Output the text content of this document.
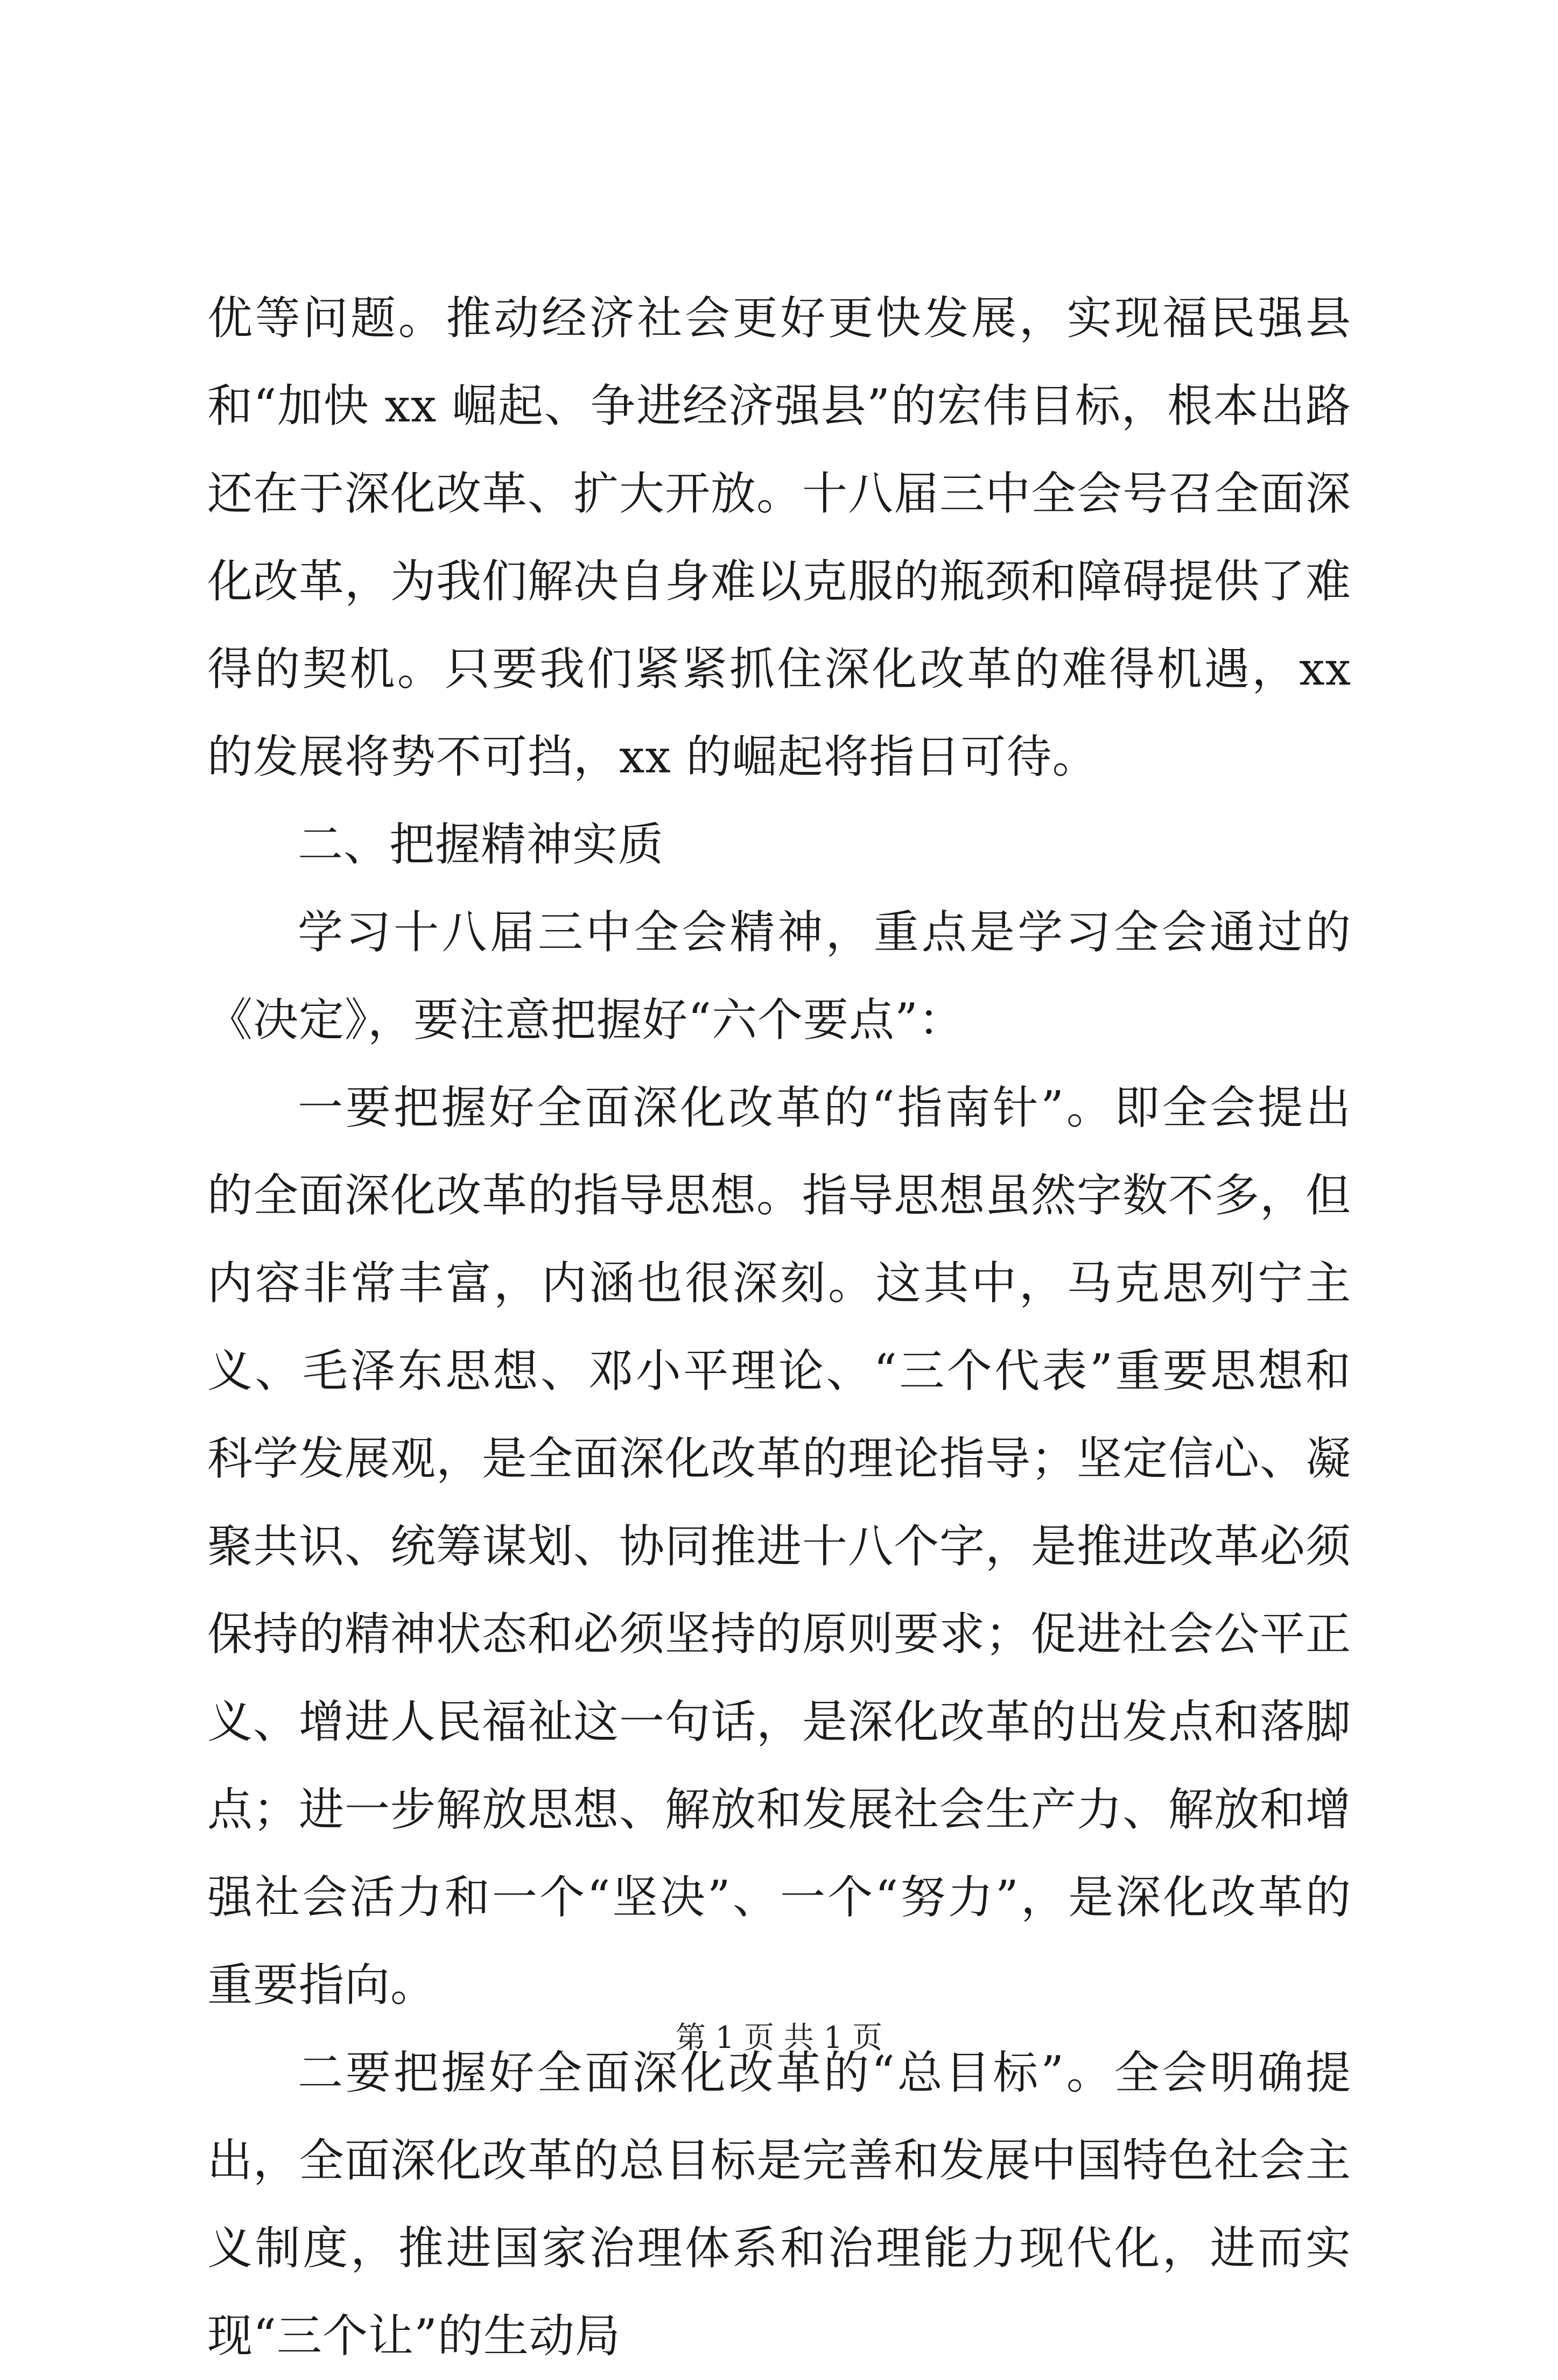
优等问题。推动经济社会更好更快发展，实现福民强县和“加快 xx 崛起、争进经济强县”的宏伟目标，根本出路还在于深化改革、扩大开放。十八届三中全会号召全面深化改革，为我们解决自身难以克服的瓶颈和障碍提供了难得的契机。只要我们紧紧抓住深化改革的难得机遇，xx 的发展将势不可挡，xx 的崛起将指日可待。

二、把握精神实质

学习十八届三中全会精神，重点是学习全会通过的《决定》，要注意把握好“六个要点”：

一要把握好全面深化改革的“指南针”。即全会提出的全面深化改革的指导思想。指导思想虽然字数不多，但内容非常丰富，内涵也很深刻。这其中，马克思列宁主义、毛泽东思想、邓小平理论、“三个代表”重要思想和科学发展观，是全面深化改革的理论指导；坚定信心、凝聚共识、统筹谋划、协同推进十八个字，是推进改革必须保持的精神状态和必须坚持的原则要求；促进社会公平正义、增进人民福祉这一句话，是深化改革的出发点和落脚点；进一步解放思想、解放和发展社会生产力、解放和增强社会活力和一个“坚决”、一个“努力”，是深化改革的重要指向。

二要把握好全面深化改革的“总目标”。全会明确提出，全面深化改革的总目标是完善和发展中国特色社会主义制度，推进国家治理体系和治理能力现代化，进而实现“三个让”的生动局

第 1 页 共 1 页
